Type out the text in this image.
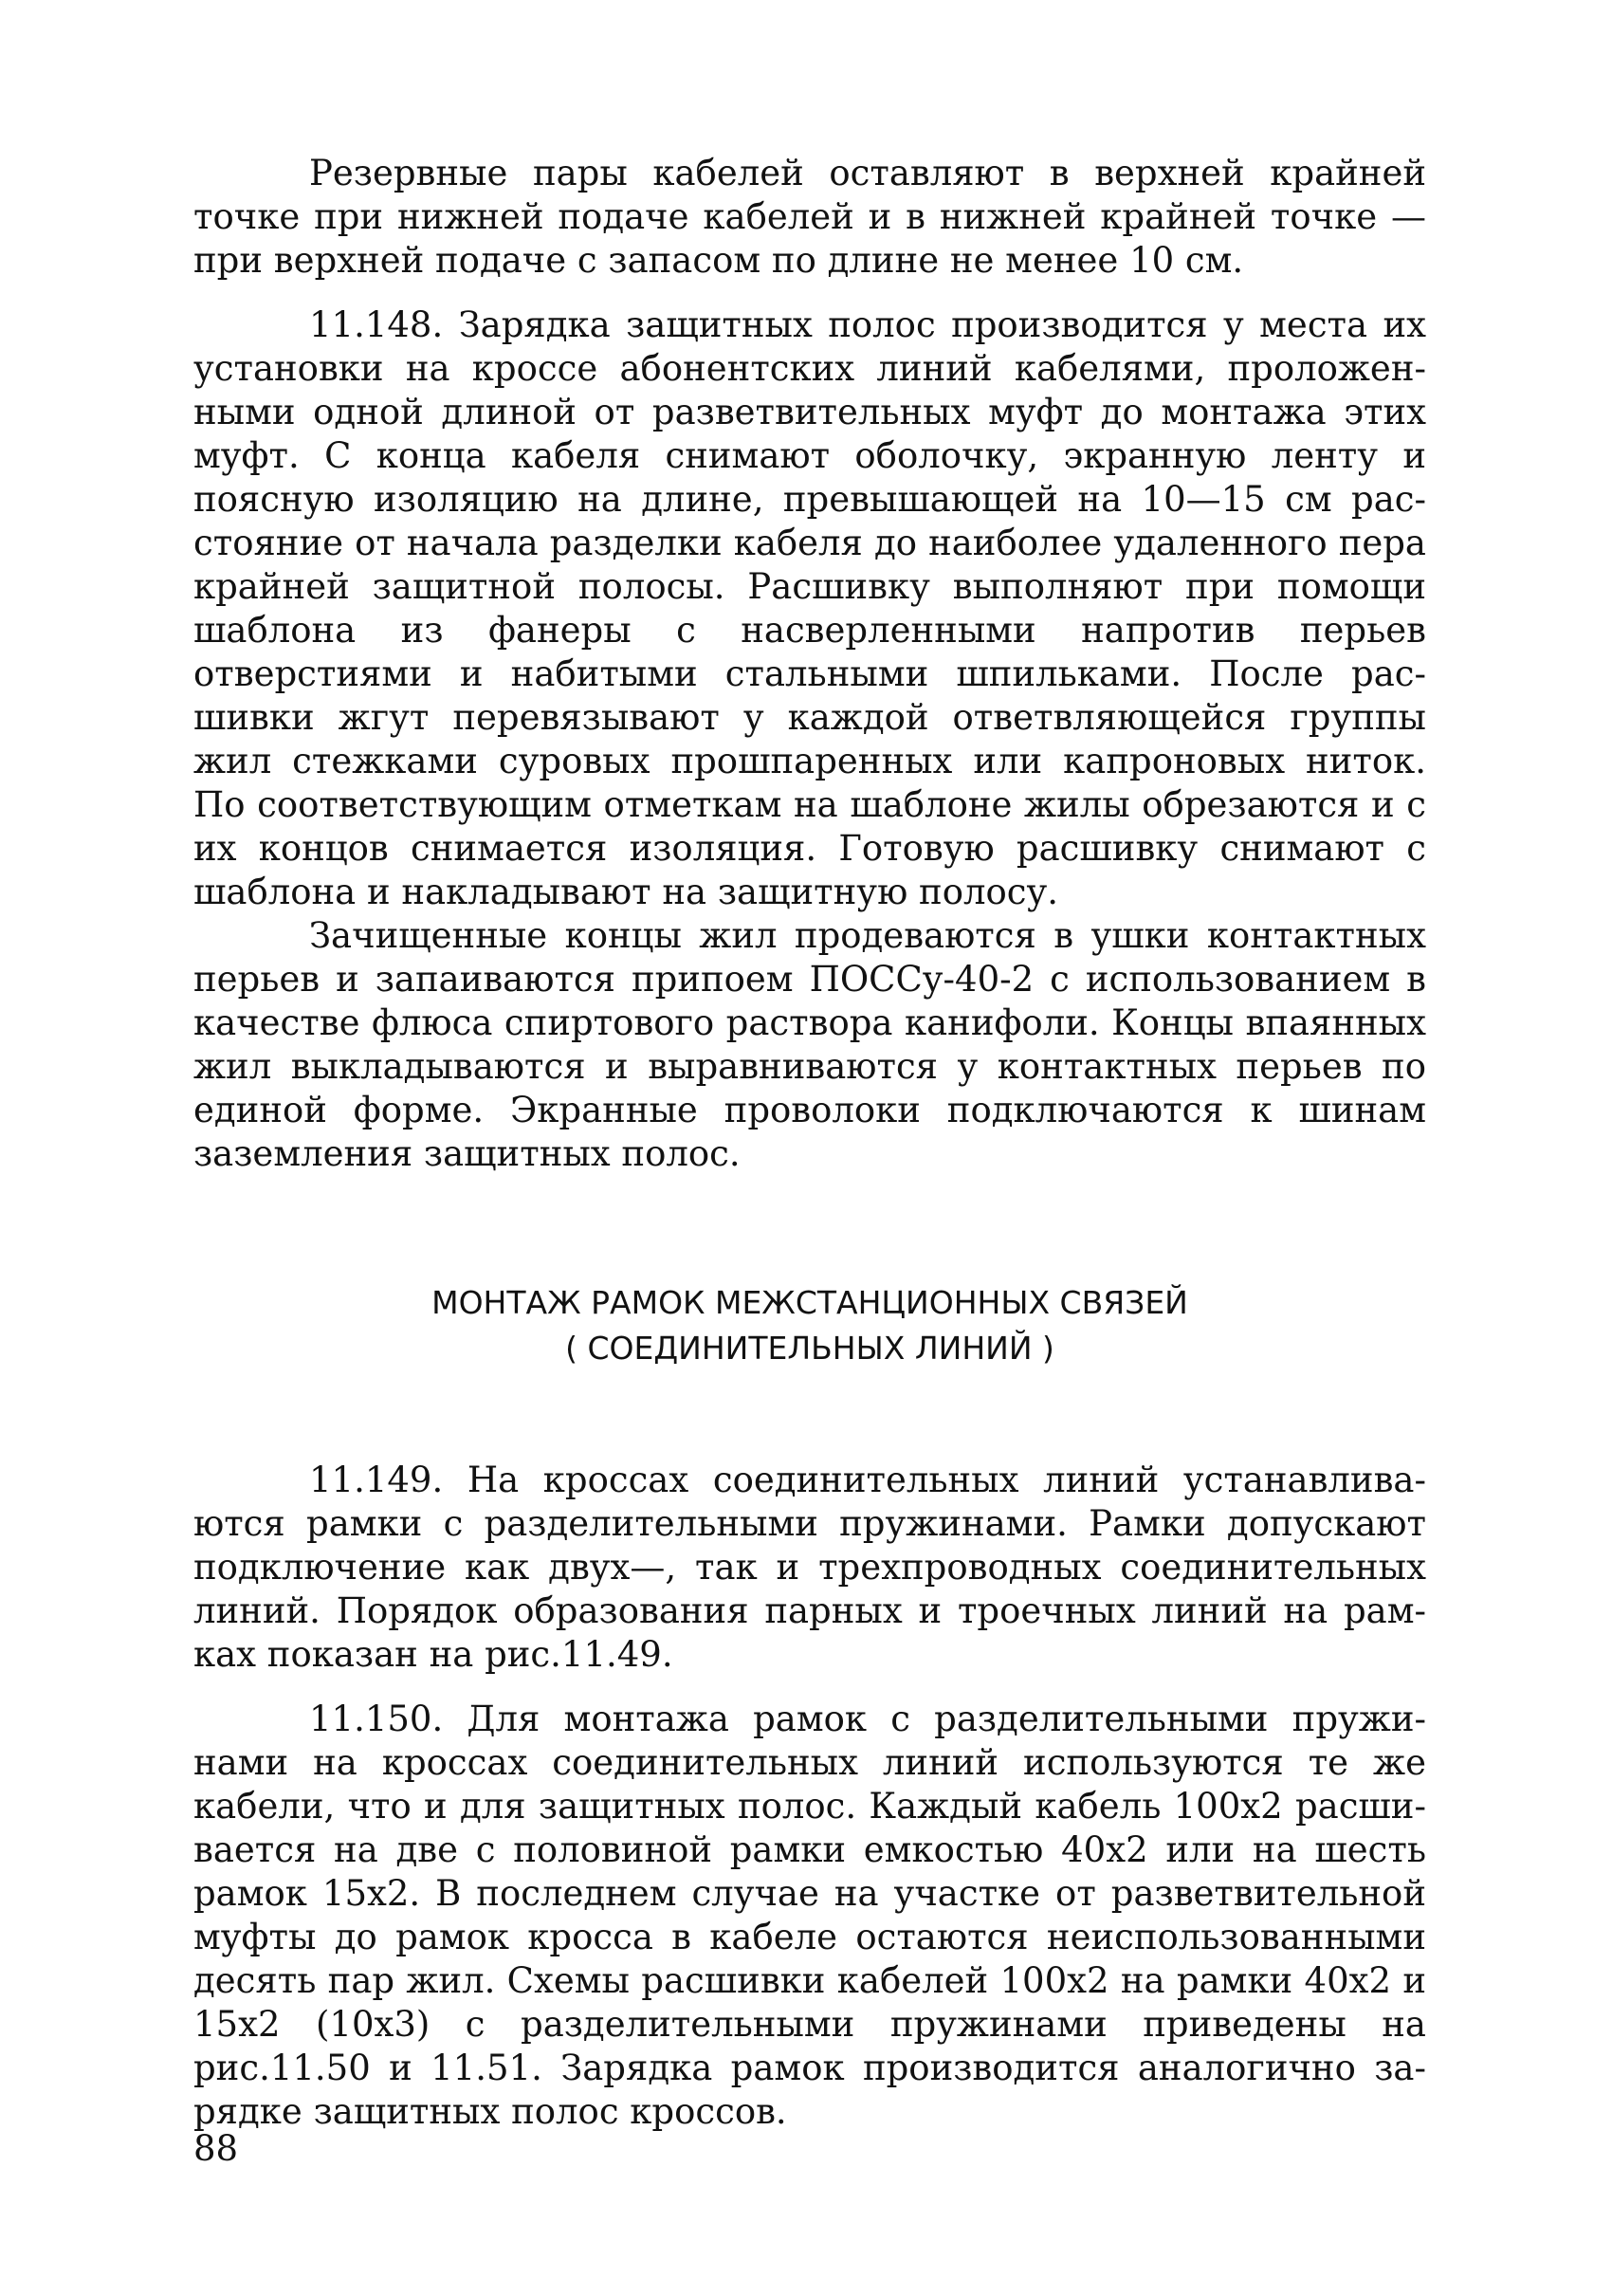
Резервные пары кабелей оставляют в верхней крайней точке при нижней подаче кабелей и в нижней крайней точке — при верхней подаче с запасом по длине не менее 10 см.

11.148. Зарядка защитных полос производится у места их установки на кроссе абонентских линий кабелями, проложенными одной длиной от разветвительных муфт до монтажа этих муфт. С конца кабеля снимают оболочку, экранную ленту и поясную изоляцию на длине, превышающей на 10—15 см расстояние от начала разделки кабеля до наиболее удаленного пера крайней защитной полосы. Расшивку выполняют при помощи шаблона из фанеры с насверленными напротив перьев отверстиями и набитыми стальными шпильками. После расшивки жгут перевязывают у каждой ответвляющейся группы жил стежками суровых прошпаренных или капроновых ниток. По соответствующим отметкам на шаблоне жилы обрезаются и с их концов снимается изоляция. Готовую расшивку снимают с шаблона и накладывают на защитную полосу.

Зачищенные концы жил продеваются в ушки контактных перьев и запаиваются припоем ПОССу-40-2 с использованием в качестве флюса спиртового раствора канифоли. Концы впаянных жил выкладываются и выравниваются у контактных перьев по единой форме. Экранные проволоки подключаются к шинам заземления защитных полос.

МОНТАЖ РАМОК МЕЖСТАНЦИОННЫХ СВЯЗЕЙ

( СОЕДИНИТЕЛЬНЫХ ЛИНИЙ )

11.149. На кроссах соединительных линий устанавливаются рамки с разделительными пружинами. Рамки допускают подключение как двух—, так и трехпроводных соединительных линий. Порядок образования парных и троечных линий на рамках показан на рис.11.49.

11.150. Для монтажа рамок с разделительными пружинами на кроссах соединительных линий используются те же кабели, что и для защитных полос. Каждый кабель 100x2 расшивается на две с половиной рамки емкостью 40x2 или на шесть рамок 15x2. В последнем случае на участке от разветвительной муфты до рамок кросса в кабеле остаются неиспользованными десять пар жил. Схемы расшивки кабелей 100x2 на рамки 40x2 и 15x2 (10x3) с разделительными пружинами приведены на рис.11.50 и 11.51. Зарядка рамок производится аналогично зарядке защитных полос кроссов.

88
